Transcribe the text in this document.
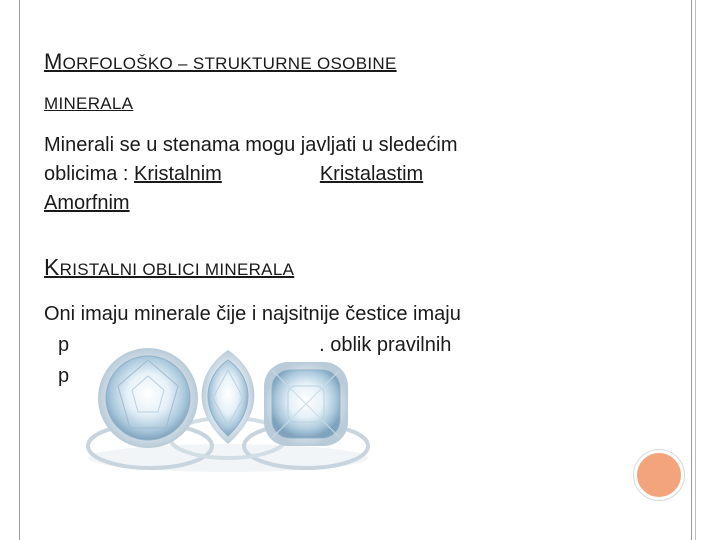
MORFOLOŠKO – STRUKTURNE OSOBINE
MINERALA
Minerali se u stenama mogu javljati u sledećim
oblicima : Kristalnim	Kristalastim
Amorfnim
KRISTALNI OBLICI MINERALA
Oni imaju minerale čije i najsitnije čestice imaju
p	. oblik pravilnih
p
